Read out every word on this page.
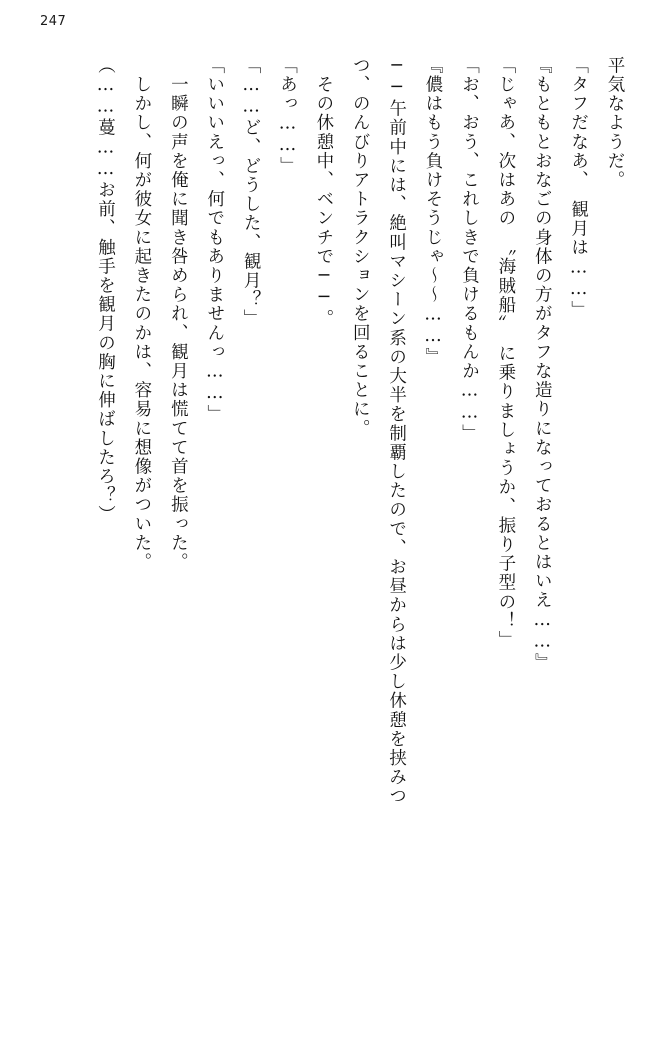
247

平気なようだ。

「タフだなあ、　観月は……」

『もともとおなごの身体の方がタフな造りになっておるとはいえ……』

「じゃあ、次はあの　〝海賊船〟　に乗りましょうか、振り子型の！」

「お、おう、これしきで負けるもんか……」

『儂はもう負けそうじゃ～～……』

──午前中には、絶叫マシーン系の大半を制覇したので、お昼からは少し休憩を挟みつ

つ、のんびりアトラクションを回ることに。

　その休憩中、ベンチで──。

「あっ……」

「……ど、どうした、観月？」

「いいいえっ、何でもありませんっ……」

　一瞬の声を俺に聞き咎められ、観月は慌てて首を振った。

　しかし、何が彼女に起きたのかは、容易に想像がついた。

（……蔓……お前、触手を観月の胸に伸ばしたろ？）
